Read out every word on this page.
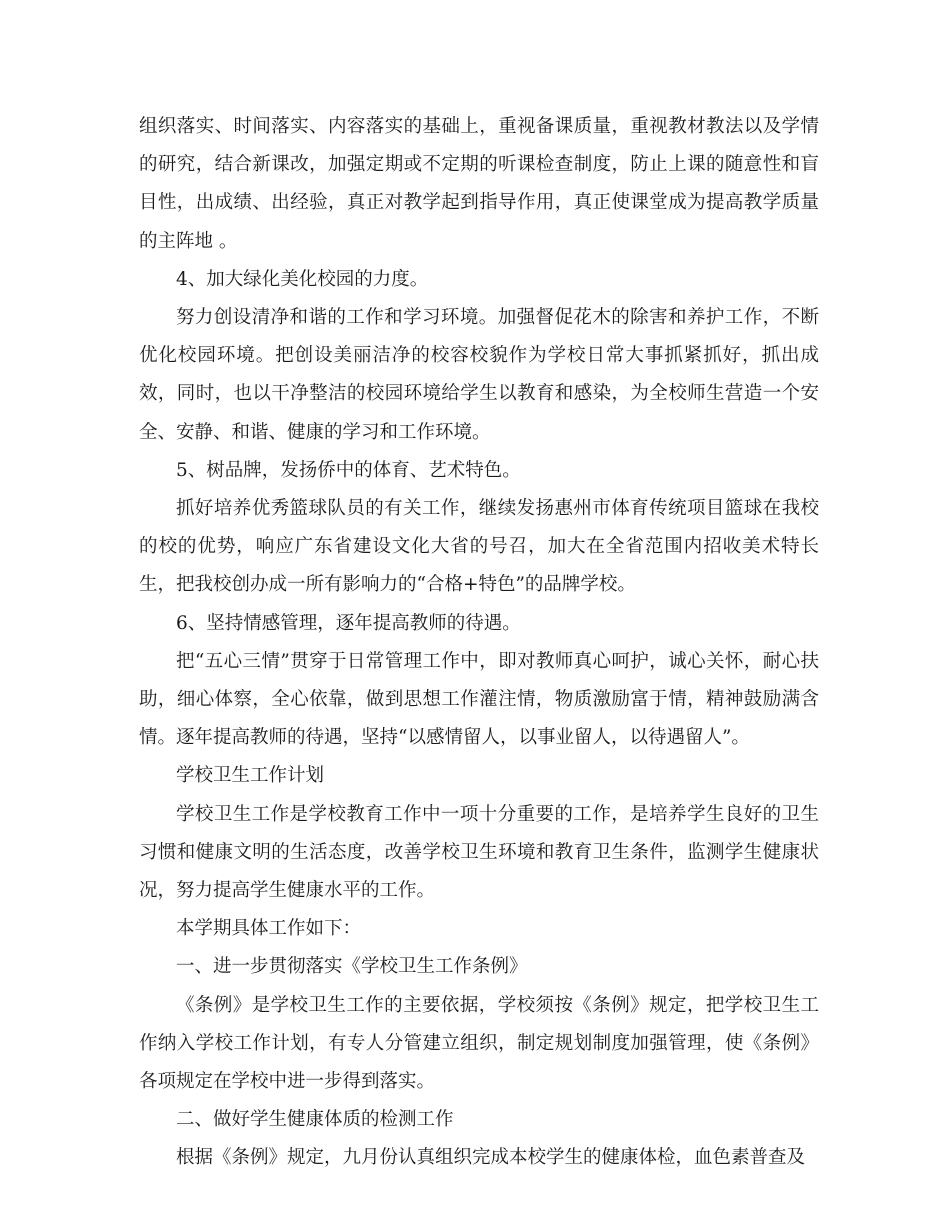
组织落实、时间落实、内容落实的基础上，重视备课质量，重视教材教法以及学情的研究，结合新课改，加强定期或不定期的听课检查制度，防止上课的随意性和盲目性，出成绩、出经验，真正对教学起到指导作用，真正使课堂成为提高教学质量的主阵地 。

4、加大绿化美化校园的力度。

努力创设清净和谐的工作和学习环境。加强督促花木的除害和养护工作，不断优化校园环境。把创设美丽洁净的校容校貌作为学校日常大事抓紧抓好，抓出成效，同时，也以干净整洁的校园环境给学生以教育和感染，为全校师生营造一个安全、安静、和谐、健康的学习和工作环境。

5、树品牌，发扬侨中的体育、艺术特色。

抓好培养优秀篮球队员的有关工作，继续发扬惠州市体育传统项目篮球在我校的校的优势，响应广东省建设文化大省的号召，加大在全省范围内招收美术特长生，把我校创办成一所有影响力的“合格+特色”的品牌学校。

6、坚持情感管理，逐年提高教师的待遇。

把“五心三情”贯穿于日常管理工作中，即对教师真心呵护，诚心关怀，耐心扶助，细心体察，全心依靠，做到思想工作灌注情，物质激励富于情，精神鼓励满含情。逐年提高教师的待遇，坚持“以感情留人，以事业留人，以待遇留人”。

学校卫生工作计划

学校卫生工作是学校教育工作中一项十分重要的工作，是培养学生良好的卫生习惯和健康文明的生活态度，改善学校卫生环境和教育卫生条件，监测学生健康状况，努力提高学生健康水平的工作。

本学期具体工作如下：

一、进一步贯彻落实《学校卫生工作条例》

《条例》是学校卫生工作的主要依据，学校须按《条例》规定，把学校卫生工作纳入学校工作计划，有专人分管建立组织，制定规划制度加强管理，使《条例》各项规定在学校中进一步得到落实。

二、做好学生健康体质的检测工作

根据《条例》规定，九月份认真组织完成本校学生的健康体检，血色素普查及
